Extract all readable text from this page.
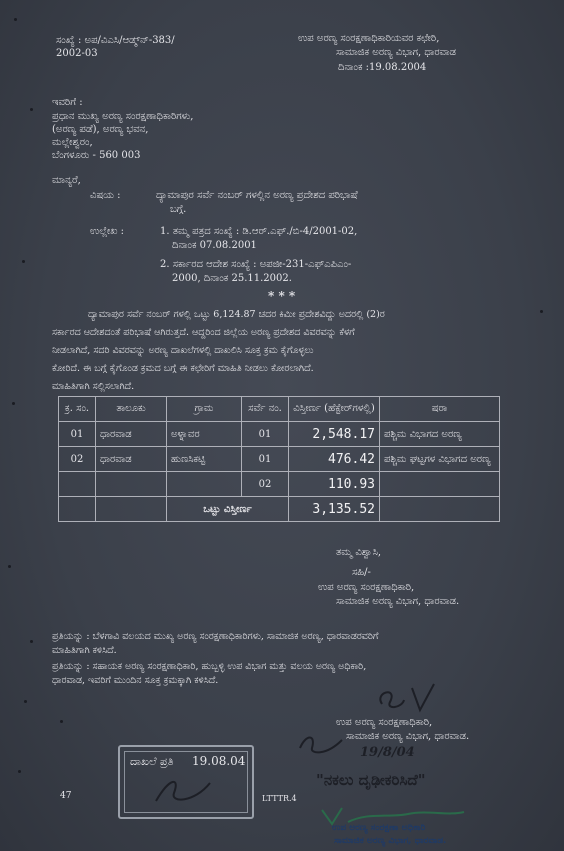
ಸಂಖ್ಯೆ : ಅಪ/ವಿಎಸಿ/ಆಡ್ಮ್‌ನ್-383/
2002-03
ಉಪ ಅರಣ್ಯ ಸಂರಕ್ಷಣಾಧಿಕಾರಿಯವರ ಕಛೇರಿ,
ಸಾಮಾಜಿಕ ಅರಣ್ಯ ವಿಭಾಗ, ಧಾರವಾಡ
ದಿನಾಂಕ :19.08.2004
ಇವರಿಗೆ :
ಪ್ರಧಾನ ಮುಖ್ಯ ಅರಣ್ಯ ಸಂರಕ್ಷಣಾಧಿಕಾರಿಗಳು,
(ಅರಣ್ಯ ಪಡೆ), ಅರಣ್ಯ ಭವನ,
ಮಲ್ಲೇಶ್ವರಂ,
ಬೆಂಗಳೂರು - 560 003
ಮಾನ್ಯರೆ,
ವಿಷಯ :	ದ್ಯಾಮಾಪುರ ಸರ್ವೆ ನಂಬರ್ ಗಳಲ್ಲಿನ ಅರಣ್ಯ ಪ್ರದೇಶದ ಪರಿಭಾಷೆ
ಬಗ್ಗೆ.
ಉಲ್ಲೇಖ :	1. ತಮ್ಮ ಪತ್ರದ ಸಂಖ್ಯೆ : ಡಿ.ಆರ್.ಎಫ್./ಬಿ-4/2001-02,
ದಿನಾಂಕ 07.08.2001
2. ಸರ್ಕಾರದ ಆದೇಶ ಸಂಖ್ಯೆ : ಅಪಜೀ-231-ಎಫ್ಎಪಿಎಂ-
2000, ದಿನಾಂಕ 25.11.2002.
* * *
ದ್ಯಾಮಾಪುರ ಸರ್ವೆ ನಂಬರ್ ಗಳಲ್ಲಿ ಒಟ್ಟು 6,124.87 ಚದರ ಕಿಮೀ ಪ್ರದೇಶವಿದ್ದು ಅದರಲ್ಲಿ (2)ರ
ಸರ್ಕಾರದ ಆದೇಶದಂತೆ ಪರಿಭಾಷೆ ಆಗಿರುತ್ತದೆ. ಆದ್ದರಿಂದ ಜಿಲ್ಲೆಯ ಅರಣ್ಯ ಪ್ರದೇಶದ ವಿವರವನ್ನು ಕೆಳಗೆ
ನೀಡಲಾಗಿದೆ, ಸದರಿ ವಿವರವನ್ನು ಅರಣ್ಯ ದಾಖಲೆಗಳಲ್ಲಿ ದಾಖಲಿಸಿ ಸೂಕ್ತ ಕ್ರಮ ಕೈಗೊಳ್ಳಲು
ಕೋರಿದೆ. ಈ ಬಗ್ಗೆ ಕೈಗೊಂಡ ಕ್ರಮದ ಬಗ್ಗೆ ಈ ಕಛೇರಿಗೆ ಮಾಹಿತಿ ನೀಡಲು ಕೋರಲಾಗಿದೆ.
ಮಾಹಿತಿಗಾಗಿ ಸಲ್ಲಿಸಲಾಗಿದೆ.
ಕ್ರ. ಸಂ.	ತಾಲೂಕು	ಗ್ರಾಮ	ಸರ್ವೆ ನಂ.	ವಿಸ್ತೀರ್ಣ (ಹೆಕ್ಟೇರ್‌ಗಳಲ್ಲಿ)	ಷರಾ
01	ಧಾರವಾಡ	ಅಳ್ನಾವರ	01	2,548.17	ಪಶ್ಚಿಮ ವಿಭಾಗದ ಅರಣ್ಯ
02	ಧಾರವಾಡ	ಹುಣಸಿಕಟ್ಟಿ	01	476.42	ಪಶ್ಚಿಮ ಘಟ್ಟಗಳ ವಿಭಾಗದ ಅರಣ್ಯ
			02	110.93	
		ಒಟ್ಟು ವಿಸ್ತೀರ್ಣ		3,135.52	
ತಮ್ಮ ವಿಶ್ವಾಸಿ,
ಸಹಿ/-
ಉಪ ಅರಣ್ಯ ಸಂರಕ್ಷಣಾಧಿಕಾರಿ,
ಸಾಮಾಜಿಕ ಅರಣ್ಯ ವಿಭಾಗ, ಧಾರವಾಡ.
ಪ್ರತಿಯನ್ನು : ಬೆಳಗಾವಿ ವಲಯದ ಮುಖ್ಯ ಅರಣ್ಯ ಸಂರಕ್ಷಣಾಧಿಕಾರಿಗಳು, ಸಾಮಾಜಿಕ ಅರಣ್ಯ, ಧಾರವಾಡರವರಿಗೆ
ಮಾಹಿತಿಗಾಗಿ ಕಳಿಸಿದೆ.
ಪ್ರತಿಯನ್ನು : ಸಹಾಯಕ ಅರಣ್ಯ ಸಂರಕ್ಷಣಾಧಿಕಾರಿ, ಹುಬ್ಬಳ್ಳಿ ಉಪ ವಿಭಾಗ ಮತ್ತು ವಲಯ ಅರಣ್ಯ ಅಧಿಕಾರಿ,
ಧಾರವಾಡ, ಇವರಿಗೆ ಮುಂದಿನ ಸೂಕ್ತ ಕ್ರಮಕ್ಕಾಗಿ ಕಳಿಸಿದೆ.
ಉಪ ಅರಣ್ಯ ಸಂರಕ್ಷಣಾಧಿಕಾರಿ,
ಸಾಮಾಜಿಕ ಅರಣ್ಯ ವಿಭಾಗ, ಧಾರವಾಡ.
ದಾಖಲೆ ಪ್ರತಿ 19.08.04
47	LTTTR.4
19/8/04
"ನಕಲು ದೃಢೀಕರಿಸಿದೆ"
ಉಪ ಅರಣ್ಯ ಸಂರಕ್ಷಣಾ ಅಧಿಕಾರಿ
ಸಾಮಾಜಿಕ ಅರಣ್ಯ ವಿಭಾಗ, ಧಾರವಾಡ.
